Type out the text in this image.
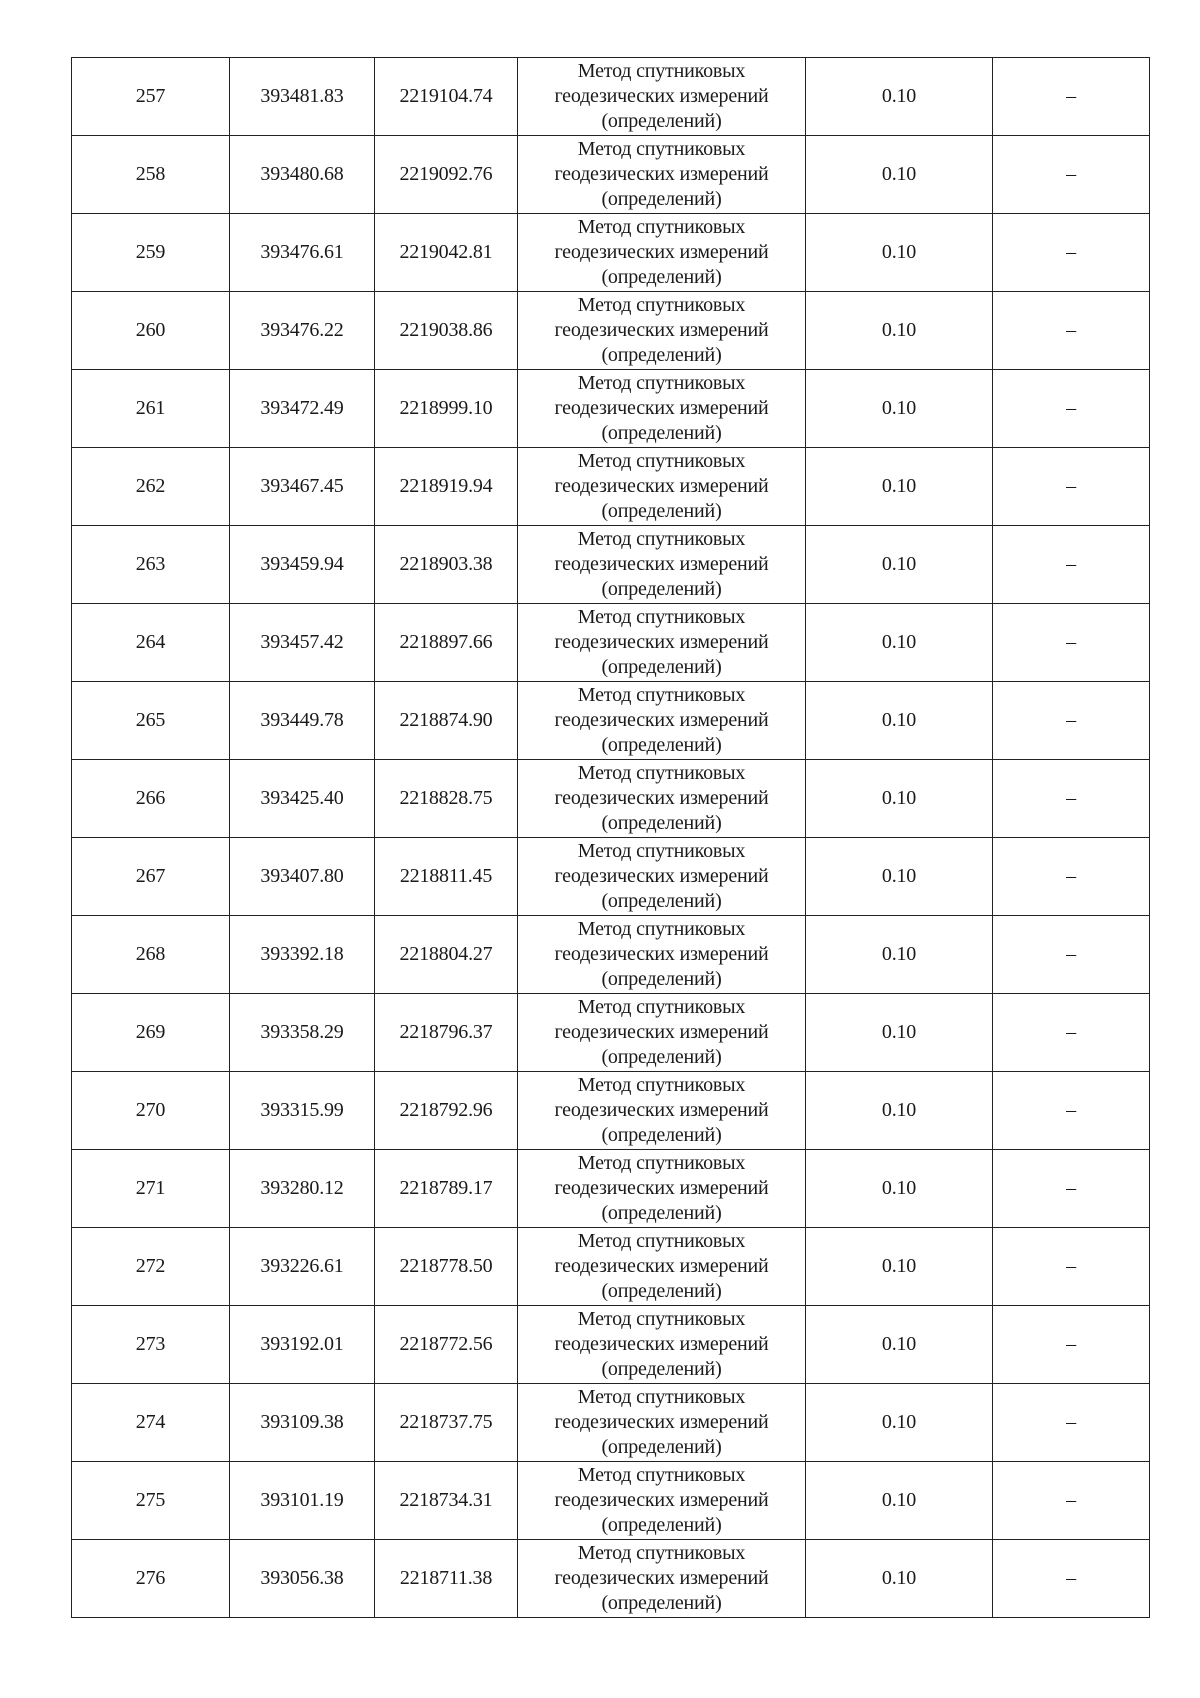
257	393481.83	2219104.74	Метод спутниковых
геодезических измерений
(определений)	0.10	–
258	393480.68	2219092.76	Метод спутниковых
геодезических измерений
(определений)	0.10	–
259	393476.61	2219042.81	Метод спутниковых
геодезических измерений
(определений)	0.10	–
260	393476.22	2219038.86	Метод спутниковых
геодезических измерений
(определений)	0.10	–
261	393472.49	2218999.10	Метод спутниковых
геодезических измерений
(определений)	0.10	–
262	393467.45	2218919.94	Метод спутниковых
геодезических измерений
(определений)	0.10	–
263	393459.94	2218903.38	Метод спутниковых
геодезических измерений
(определений)	0.10	–
264	393457.42	2218897.66	Метод спутниковых
геодезических измерений
(определений)	0.10	–
265	393449.78	2218874.90	Метод спутниковых
геодезических измерений
(определений)	0.10	–
266	393425.40	2218828.75	Метод спутниковых
геодезических измерений
(определений)	0.10	–
267	393407.80	2218811.45	Метод спутниковых
геодезических измерений
(определений)	0.10	–
268	393392.18	2218804.27	Метод спутниковых
геодезических измерений
(определений)	0.10	–
269	393358.29	2218796.37	Метод спутниковых
геодезических измерений
(определений)	0.10	–
270	393315.99	2218792.96	Метод спутниковых
геодезических измерений
(определений)	0.10	–
271	393280.12	2218789.17	Метод спутниковых
геодезических измерений
(определений)	0.10	–
272	393226.61	2218778.50	Метод спутниковых
геодезических измерений
(определений)	0.10	–
273	393192.01	2218772.56	Метод спутниковых
геодезических измерений
(определений)	0.10	–
274	393109.38	2218737.75	Метод спутниковых
геодезических измерений
(определений)	0.10	–
275	393101.19	2218734.31	Метод спутниковых
геодезических измерений
(определений)	0.10	–
276	393056.38	2218711.38	Метод спутниковых
геодезических измерений
(определений)	0.10	–
